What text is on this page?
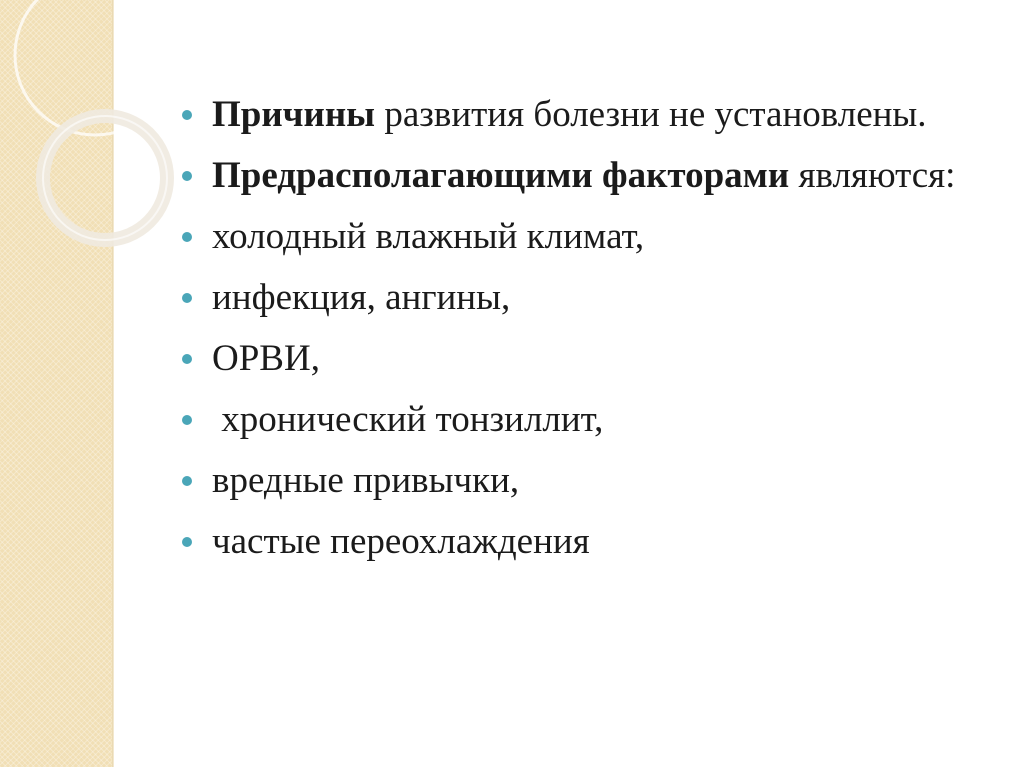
Причины развития болезни не установлены.
Предрасполагающими факторами являются:
холодный влажный климат,
инфекция, ангины,
ОРВИ,
хронический тонзиллит,
вредные привычки,
частые переохлаждения
